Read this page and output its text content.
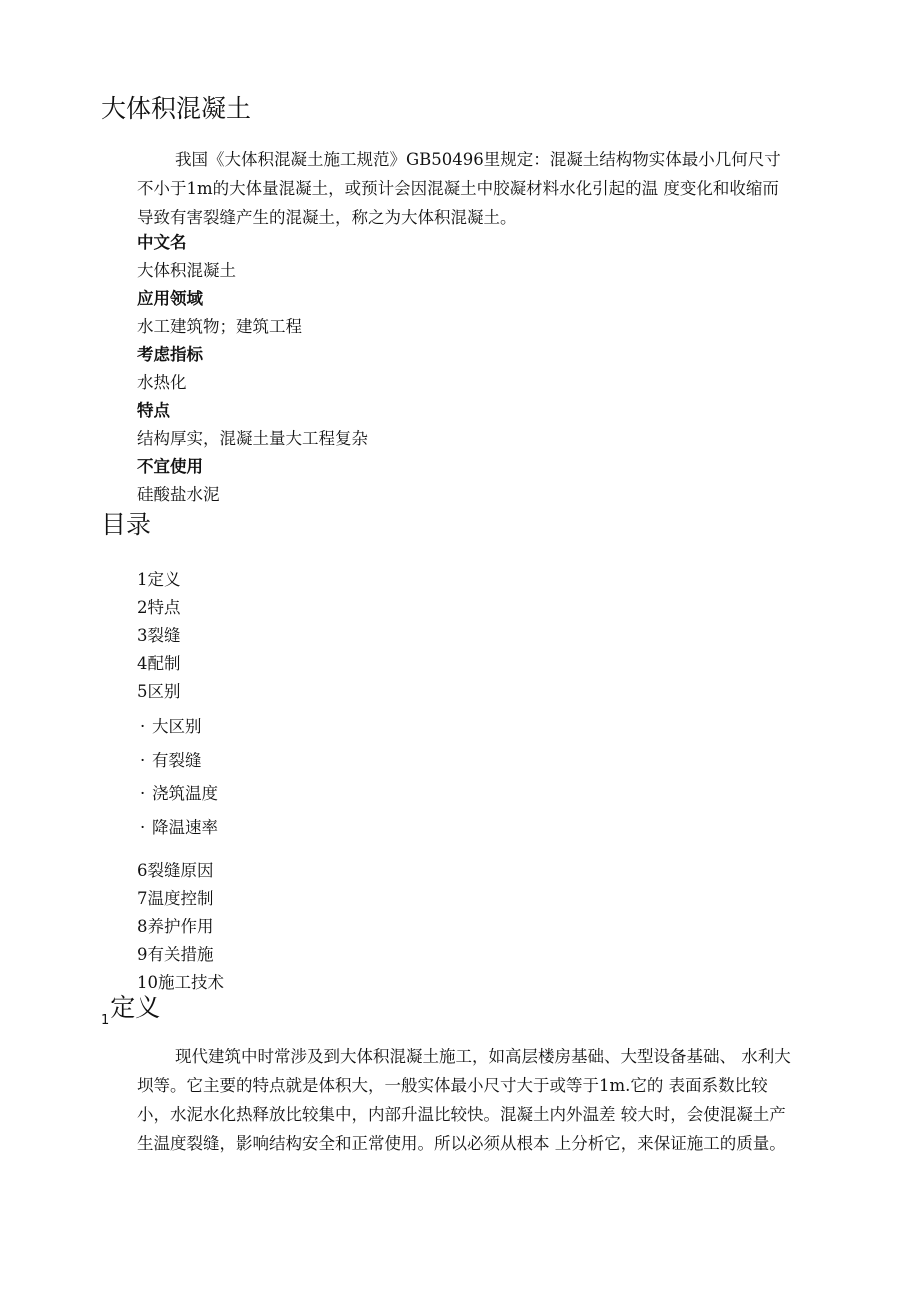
大体积混凝土

我国《大体积混凝土施工规范》GB50496里规定：混凝土结构物实体最小几何尺寸不小于1m的大体量混凝土，或预计会因混凝土中胶凝材料水化引起的温 度变化和收缩而导致有害裂缝产生的混凝土，称之为大体积混凝土。

中文名
大体积混凝土
应用领域
水工建筑物；建筑工程
考虑指标
水热化
特点
结构厚实，混凝土量大工程复杂
不宜使用
硅酸盐水泥
目录
1定义
2特点
3裂缝
4配制
5区别
· 大区别
· 有裂缝
· 浇筑温度
· 降温速率
6裂缝原因
7温度控制
8养护作用
9有关措施
10施工技术
$_1$定义

现代建筑中时常涉及到大体积混凝土施工，如高层楼房基础、大型设备基础、 水利大坝等。它主要的特点就是体积大，一般实体最小尺寸大于或等于1m.它的 表面系数比较小，水泥水化热释放比较集中，内部升温比较快。混凝土内外温差 较大时，会使混凝土产生温度裂缝，影响结构安全和正常使用。所以必须从根本 上分析它，来保证施工的质量。
